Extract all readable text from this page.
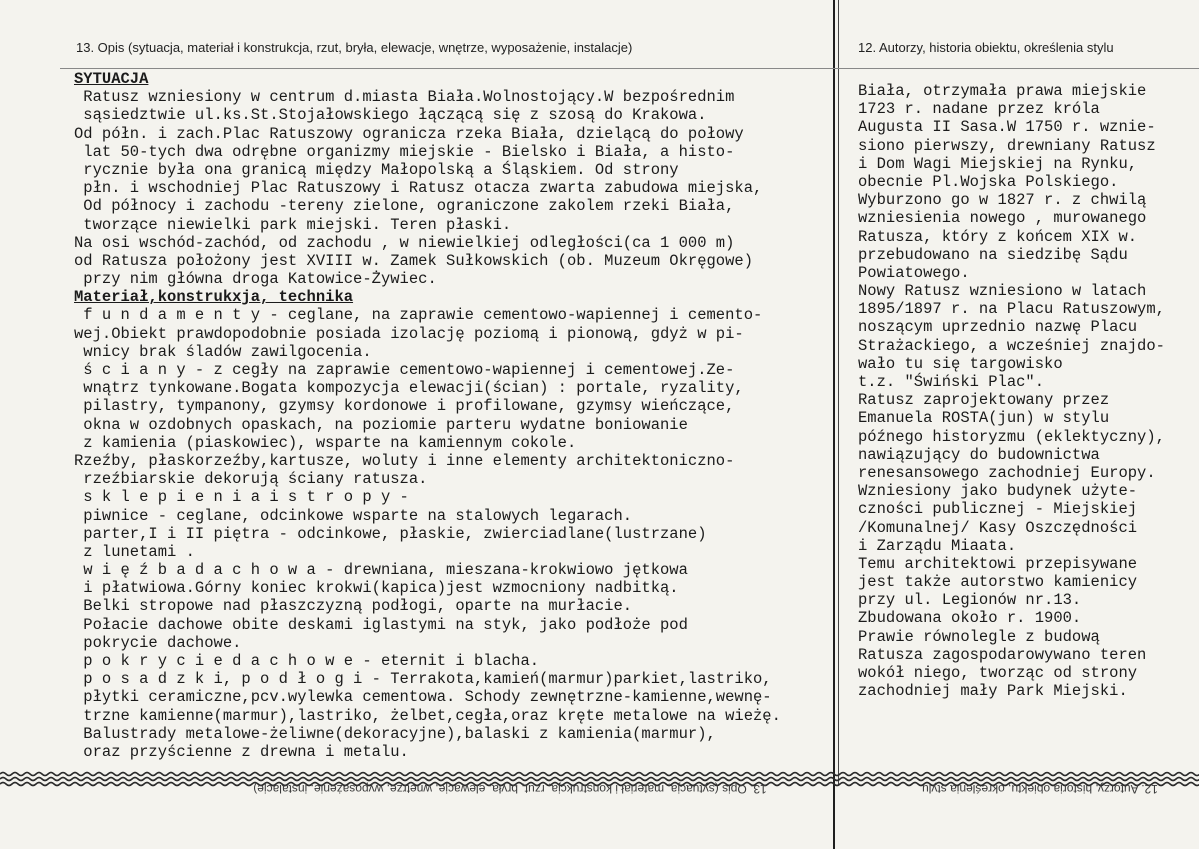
13. Opis (sytuacja, materiał i konstrukcja, rzut, bryła, elewacje, wnętrze, wyposażenie, instalacje)	12. Autorzy, historia obiektu, określenia stylu
SYTUACJA
Ratusz wzniesiony w centrum d.miasta Biała.Wolnostojący.W bezpośrednim
sąsiedztwie ul.ks.St.Stojałowskiego łączącą się z szosą do Krakowa.
Od półn. i zach.Plac Ratuszowy ogranicza rzeka Biała, dzielącą do połowy
lat 50-tych dwa odrębne organizmy miejskie - Bielsko i Biała, a histo-
rycznie była ona granicą między Małopolską a Śląskiem. Od strony
płn. i wschodniej Plac Ratuszowy i Ratusz otacza zwarta zabudowa miejska,
Od północy i zachodu -tereny zielone, ograniczone zakolem rzeki Biała,
tworzące niewielki park miejski. Teren płaski.
Na osi wschód-zachód, od zachodu , w niewielkiej odległości(ca 1 000 m)
od Ratusza położony jest XVIII w. Zamek Sułkowskich (ob. Muzeum Okręgowe)
przy nim główna droga Katowice-Żywiec.
Materiał,konstrukxja, technika
f u n d a m e n t y - ceglane, na zaprawie cementowo-wapiennej i cemento-
wej.Obiekt prawdopodobnie posiada izolację poziomą i pionową, gdyż w pi-
wnicy brak śladów zawilgocenia.
ś c i a n y - z cegły na zaprawie cementowo-wapiennej i cementowej.Ze-
wnątrz tynkowane.Bogata kompozycja elewacji(ścian) : portale, ryzality,
pilastry, tympanony, gzymsy kordonowe i profilowane, gzymsy wieńczące,
okna w ozdobnych opaskach, na poziomie parteru wydatne boniowanie
z kamienia (piaskowiec), wsparte na kamiennym cokole.
Rzeźby, płaskorzeźby,kartusze, woluty i inne elementy architektoniczno-
rzeźbiarskie dekorują ściany ratusza.
s k l e p i e n i a i s t r o p y -
piwnice - ceglane, odcinkowe wsparte na stalowych legarach.
parter,I i II piętra - odcinkowe, płaskie, zwierciadlane(lustrzane)
z lunetami .
w i ę ź b a d a c h o w a - drewniana, mieszana-krokwiowo jętkowa
i płatwiowa.Górny koniec krokwi(kapica)jest wzmocniony nadbitką.
Belki stropowe nad płaszczyzną podłogi, oparte na murłacie.
Połacie dachowe obite deskami iglastymi na styk, jako podłoże pod
pokrycie dachowe.
p o k r y c i e d a c h o w e - eternit i blacha.
p o s a d z k i, p o d ł o g i - Terrakota,kamień(marmur)parkiet,lastriko,
płytki ceramiczne,pcv.wylewka cementowa. Schody zewnętrzne-kamienne,wewnę-
trzne kamienne(marmur),lastriko, żelbet,cegła,oraz kręte metalowe na wieżę.
Balustrady metalowe-żeliwne(dekoracyjne),balaski z kamienia(marmur),
oraz przyścienne z drewna i metalu.
Biała, otrzymała prawa miejskie
1723 r. nadane przez króla
Augusta II Sasa.W 1750 r. wznie-
siono pierwszy, drewniany Ratusz
i Dom Wagi Miejskiej na Rynku,
obecnie Pl.Wojska Polskiego.
Wyburzono go w 1827 r. z chwilą
wzniesienia nowego , murowanego
Ratusza, który z końcem XIX w.
przebudowano na siedzibę Sądu
Powiatowego.
Nowy Ratusz wzniesiono w latach
1895/1897 r. na Placu Ratuszowym,
noszącym uprzednio nazwę Placu
Strażackiego, a wcześniej znajdo-
wało tu się targowisko
t.z. "Świński Plac".
Ratusz zaprojektowany przez
Emanuela ROSTA(jun) w stylu
późnego historyzmu (eklektyczny),
nawiązujący do budownictwa
renesansowego zachodniej Europy.
Wzniesiony jako budynek użyte-
czności publicznej - Miejskiej
/Komunalnej/ Kasy Oszczędności
i Zarządu Miaata.
Temu architektowi przepisywane
jest także autorstwo kamienicy
przy ul. Legionów nr.13.
Zbudowana około r. 1900.
Prawie równolegle z budową
Ratusza zagospodarowywano teren
wokół niego, tworząc od strony
zachodniej mały Park Miejski.
13. Opis (sytuacja, materiał i konstrukcja, rzut, bryła, elewacje, wnętrze, wyposażenie, instalacje)	12. Autorzy, historia obiektu, określenia stylu
